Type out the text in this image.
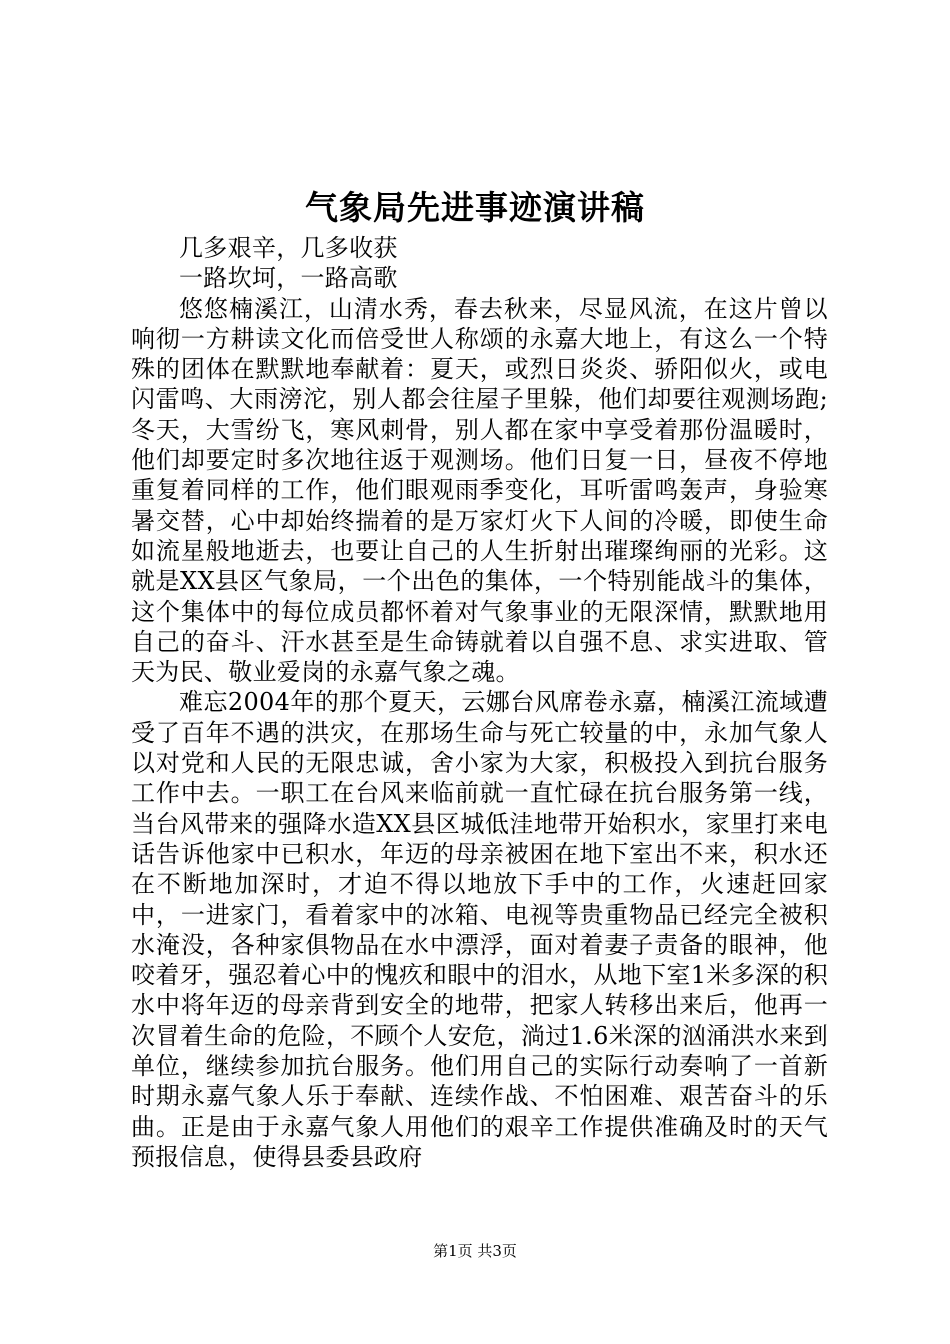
气象局先进事迹演讲稿

几多艰辛，几多收获

一路坎坷，一路高歌

悠悠楠溪江，山清水秀，春去秋来，尽显风流，在这片曾以响彻一方耕读文化而倍受世人称颂的永嘉大地上，有这么一个特殊的团体在默默地奉献着：夏天，或烈日炎炎、骄阳似火，或电闪雷鸣、大雨滂沱，别人都会往屋子里躲，他们却要往观测场跑;冬天，大雪纷飞，寒风刺骨，别人都在家中享受着那份温暖时，他们却要定时多次地往返于观测场。他们日复一日，昼夜不停地重复着同样的工作，他们眼观雨季变化，耳听雷鸣轰声，身验寒暑交替，心中却始终揣着的是万家灯火下人间的冷暖，即使生命如流星般地逝去，也要让自己的人生折射出璀璨绚丽的光彩。这就是XX县区气象局，一个出色的集体，一个特别能战斗的集体，这个集体中的每位成员都怀着对气象事业的无限深情，默默地用自己的奋斗、汗水甚至是生命铸就着以自强不息、求实进取、管天为民、敬业爱岗的永嘉气象之魂。

难忘2004年的那个夏天，云娜台风席卷永嘉，楠溪江流域遭受了百年不遇的洪灾，在那场生命与死亡较量的中，永加气象人以对党和人民的无限忠诚，舍小家为大家，积极投入到抗台服务工作中去。一职工在台风来临前就一直忙碌在抗台服务第一线，当台风带来的强降水造XX县区城低洼地带开始积水，家里打来电话告诉他家中已积水，年迈的母亲被困在地下室出不来，积水还在不断地加深时，才迫不得以地放下手中的工作，火速赶回家中，一进家门，看着家中的冰箱、电视等贵重物品已经完全被积水淹没，各种家俱物品在水中漂浮，面对着妻子责备的眼神，他咬着牙，强忍着心中的愧疚和眼中的泪水，从地下室1米多深的积水中将年迈的母亲背到安全的地带，把家人转移出来后，他再一次冒着生命的危险，不顾个人安危，淌过1.6米深的汹涌洪水来到单位，继续参加抗台服务。他们用自己的实际行动奏响了一首新时期永嘉气象人乐于奉献、连续作战、不怕困难、艰苦奋斗的乐曲。正是由于永嘉气象人用他们的艰辛工作提供准确及时的天气预报信息，使得县委县政府

第1页 共3页
